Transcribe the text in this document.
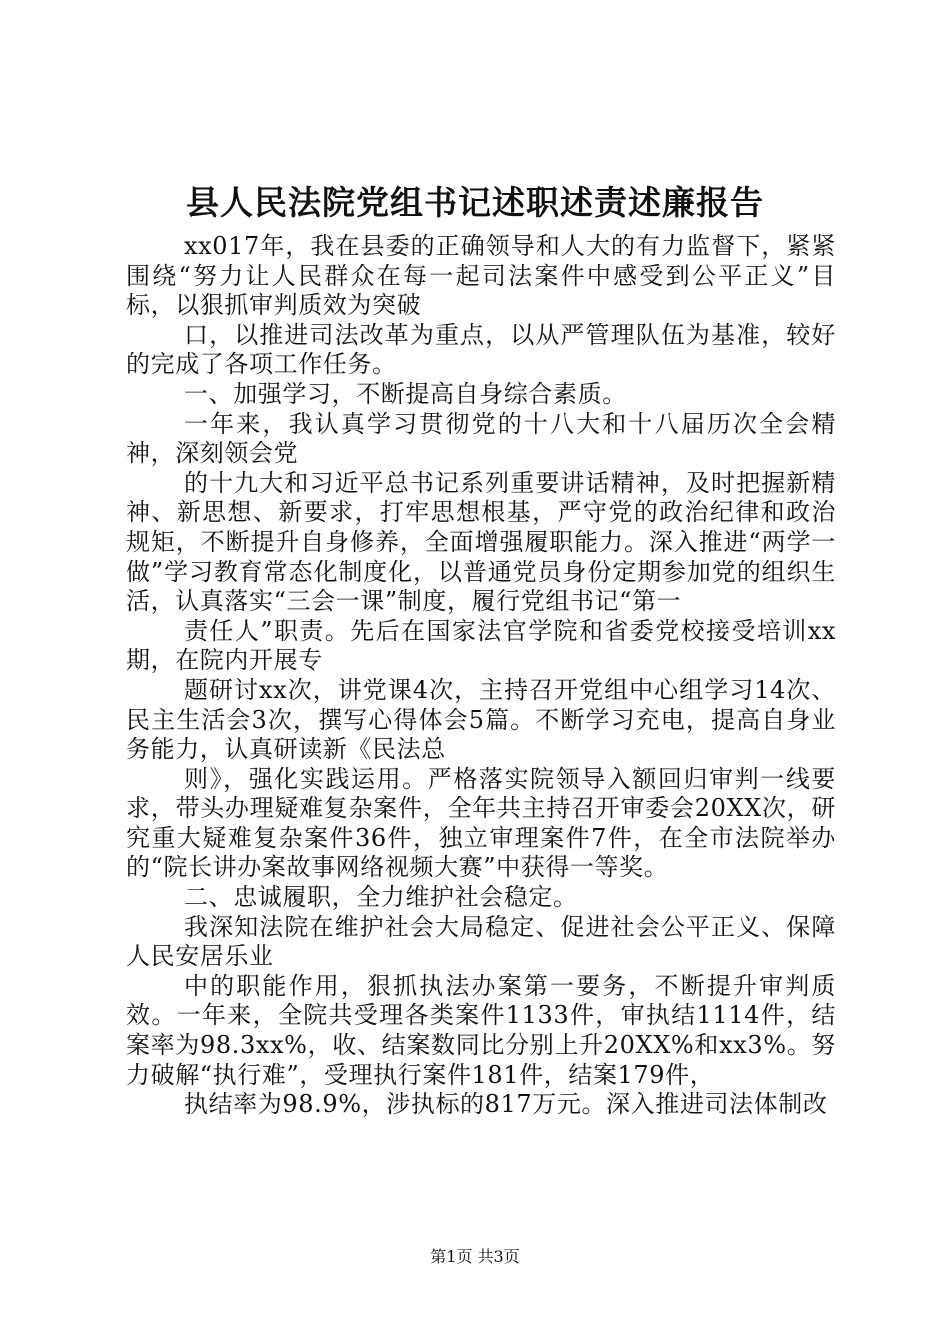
县人民法院党组书记述职述责述廉报告

xx017年，我在县委的正确领导和人大的有力监督下，紧紧围绕“努力让人民群众在每一起司法案件中感受到公平正义”目标，以狠抓审判质效为突破

口，以推进司法改革为重点，以从严管理队伍为基准，较好的完成了各项工作任务。

一、加强学习，不断提高自身综合素质。

一年来，我认真学习贯彻党的十八大和十八届历次全会精神，深刻领会党

的十九大和习近平总书记系列重要讲话精神，及时把握新精神、新思想、新要求，打牢思想根基，严守党的政治纪律和政治规矩，不断提升自身修养，全面增强履职能力。深入推进“两学一做”学习教育常态化制度化，以普通党员身份定期参加党的组织生活，认真落实“三会一课”制度，履行党组书记“第一

责任人”职责。先后在国家法官学院和省委党校接受培训xx期，在院内开展专

题研讨xx次，讲党课4次，主持召开党组中心组学习14次、民主生活会3次，撰写心得体会5篇。不断学习充电，提高自身业务能力，认真研读新《民法总

则》，强化实践运用。严格落实院领导入额回归审判一线要求，带头办理疑难复杂案件，全年共主持召开审委会20XX次，研究重大疑难复杂案件36件，独立审理案件7件，在全市法院举办的“院长讲办案故事网络视频大赛”中获得一等奖。

二、忠诚履职，全力维护社会稳定。

我深知法院在维护社会大局稳定、促进社会公平正义、保障人民安居乐业

中的职能作用，狠抓执法办案第一要务，不断提升审判质效。一年来，全院共受理各类案件1133件，审执结1114件，结案率为98.3xx%，收、结案数同比分别上升20XX%和xx3%。努力破解“执行难”，受理执行案件181件，结案179件，

执结率为98.9%，涉执标的817万元。深入推进司法体制改

第1页 共3页
